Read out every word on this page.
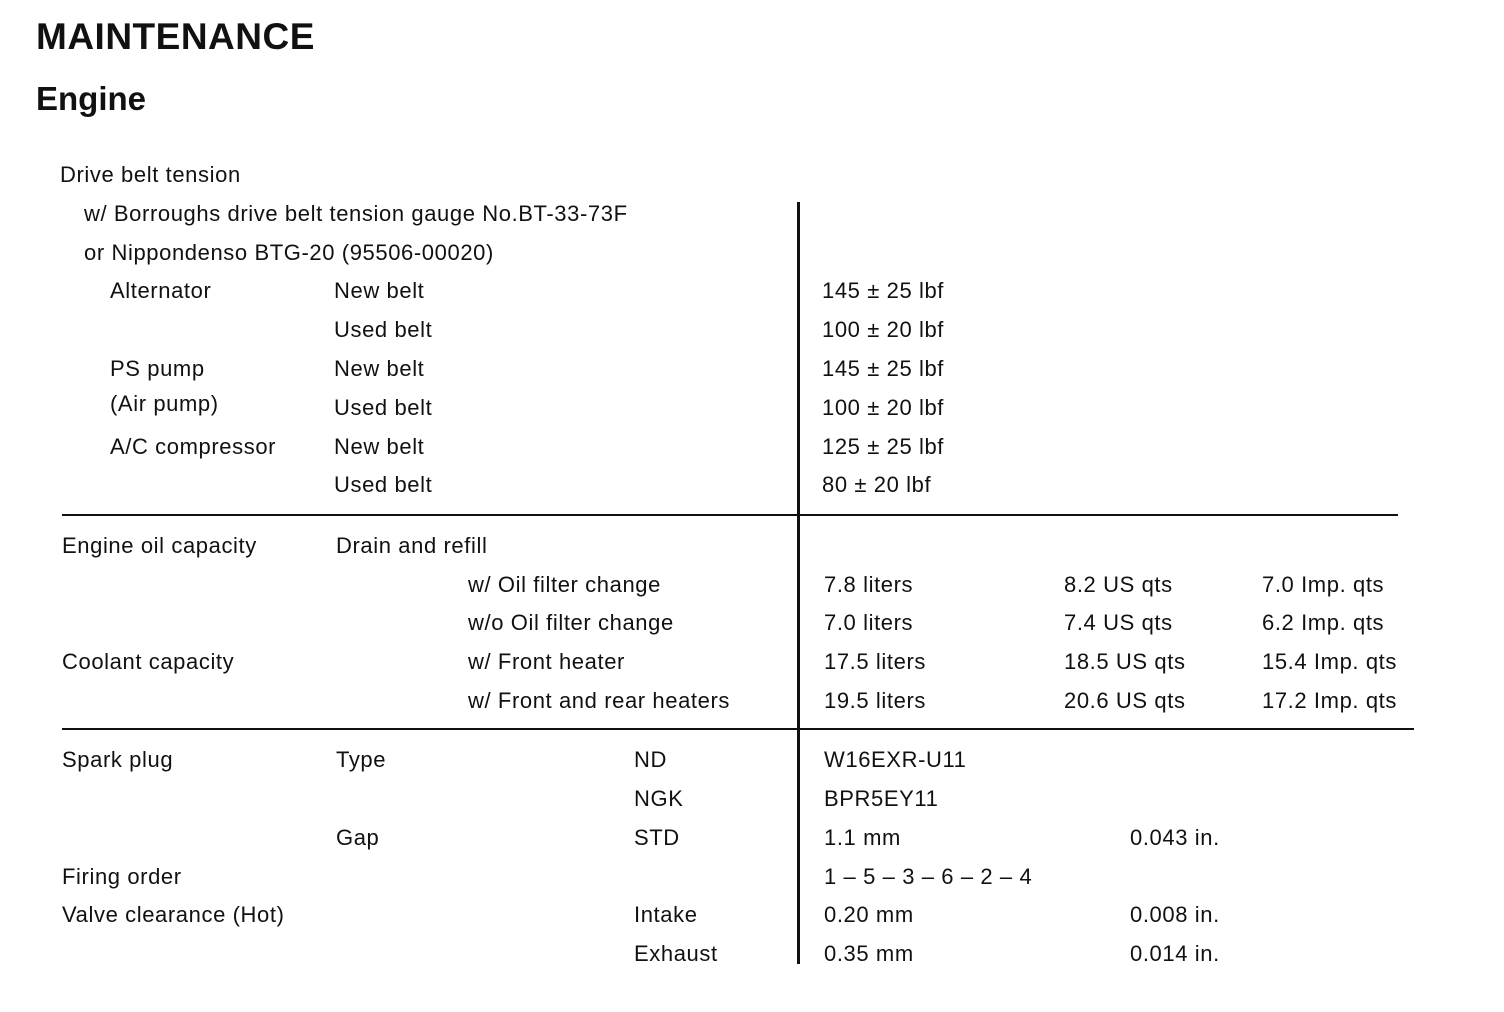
MAINTENANCE
Engine
Drive belt tension
w/ Borroughs drive belt tension gauge No.BT-33-73F
or Nippondenso BTG-20 (95506-00020)
Alternator	New belt	145 ± 25 lbf
Used belt	100 ± 20 lbf
PS pump
(Air pump)
New belt	145 ± 25 lbf
Used belt	100 ± 20 lbf
A/C compressor	New belt	125 ± 25 lbf
Used belt	80 ± 20 lbf
Engine oil capacity	Drain and refill
w/ Oil filter change	7.8 liters	8.2 US qts	7.0 Imp. qts
w/o Oil filter change	7.0 liters	7.4 US qts	6.2 Imp. qts
Coolant capacity	w/ Front heater	17.5 liters	18.5 US qts	15.4 Imp. qts
w/ Front and rear heaters	19.5 liters	20.6 US qts	17.2 Imp. qts
Spark plug	Type	ND	W16EXR-U11
NGK	BPR5EY11
Gap	STD	1.1 mm	0.043 in.
Firing order	1 – 5 – 3 – 6 – 2 – 4
Valve clearance (Hot)	Intake	0.20 mm	0.008 in.
Exhaust	0.35 mm	0.014 in.
